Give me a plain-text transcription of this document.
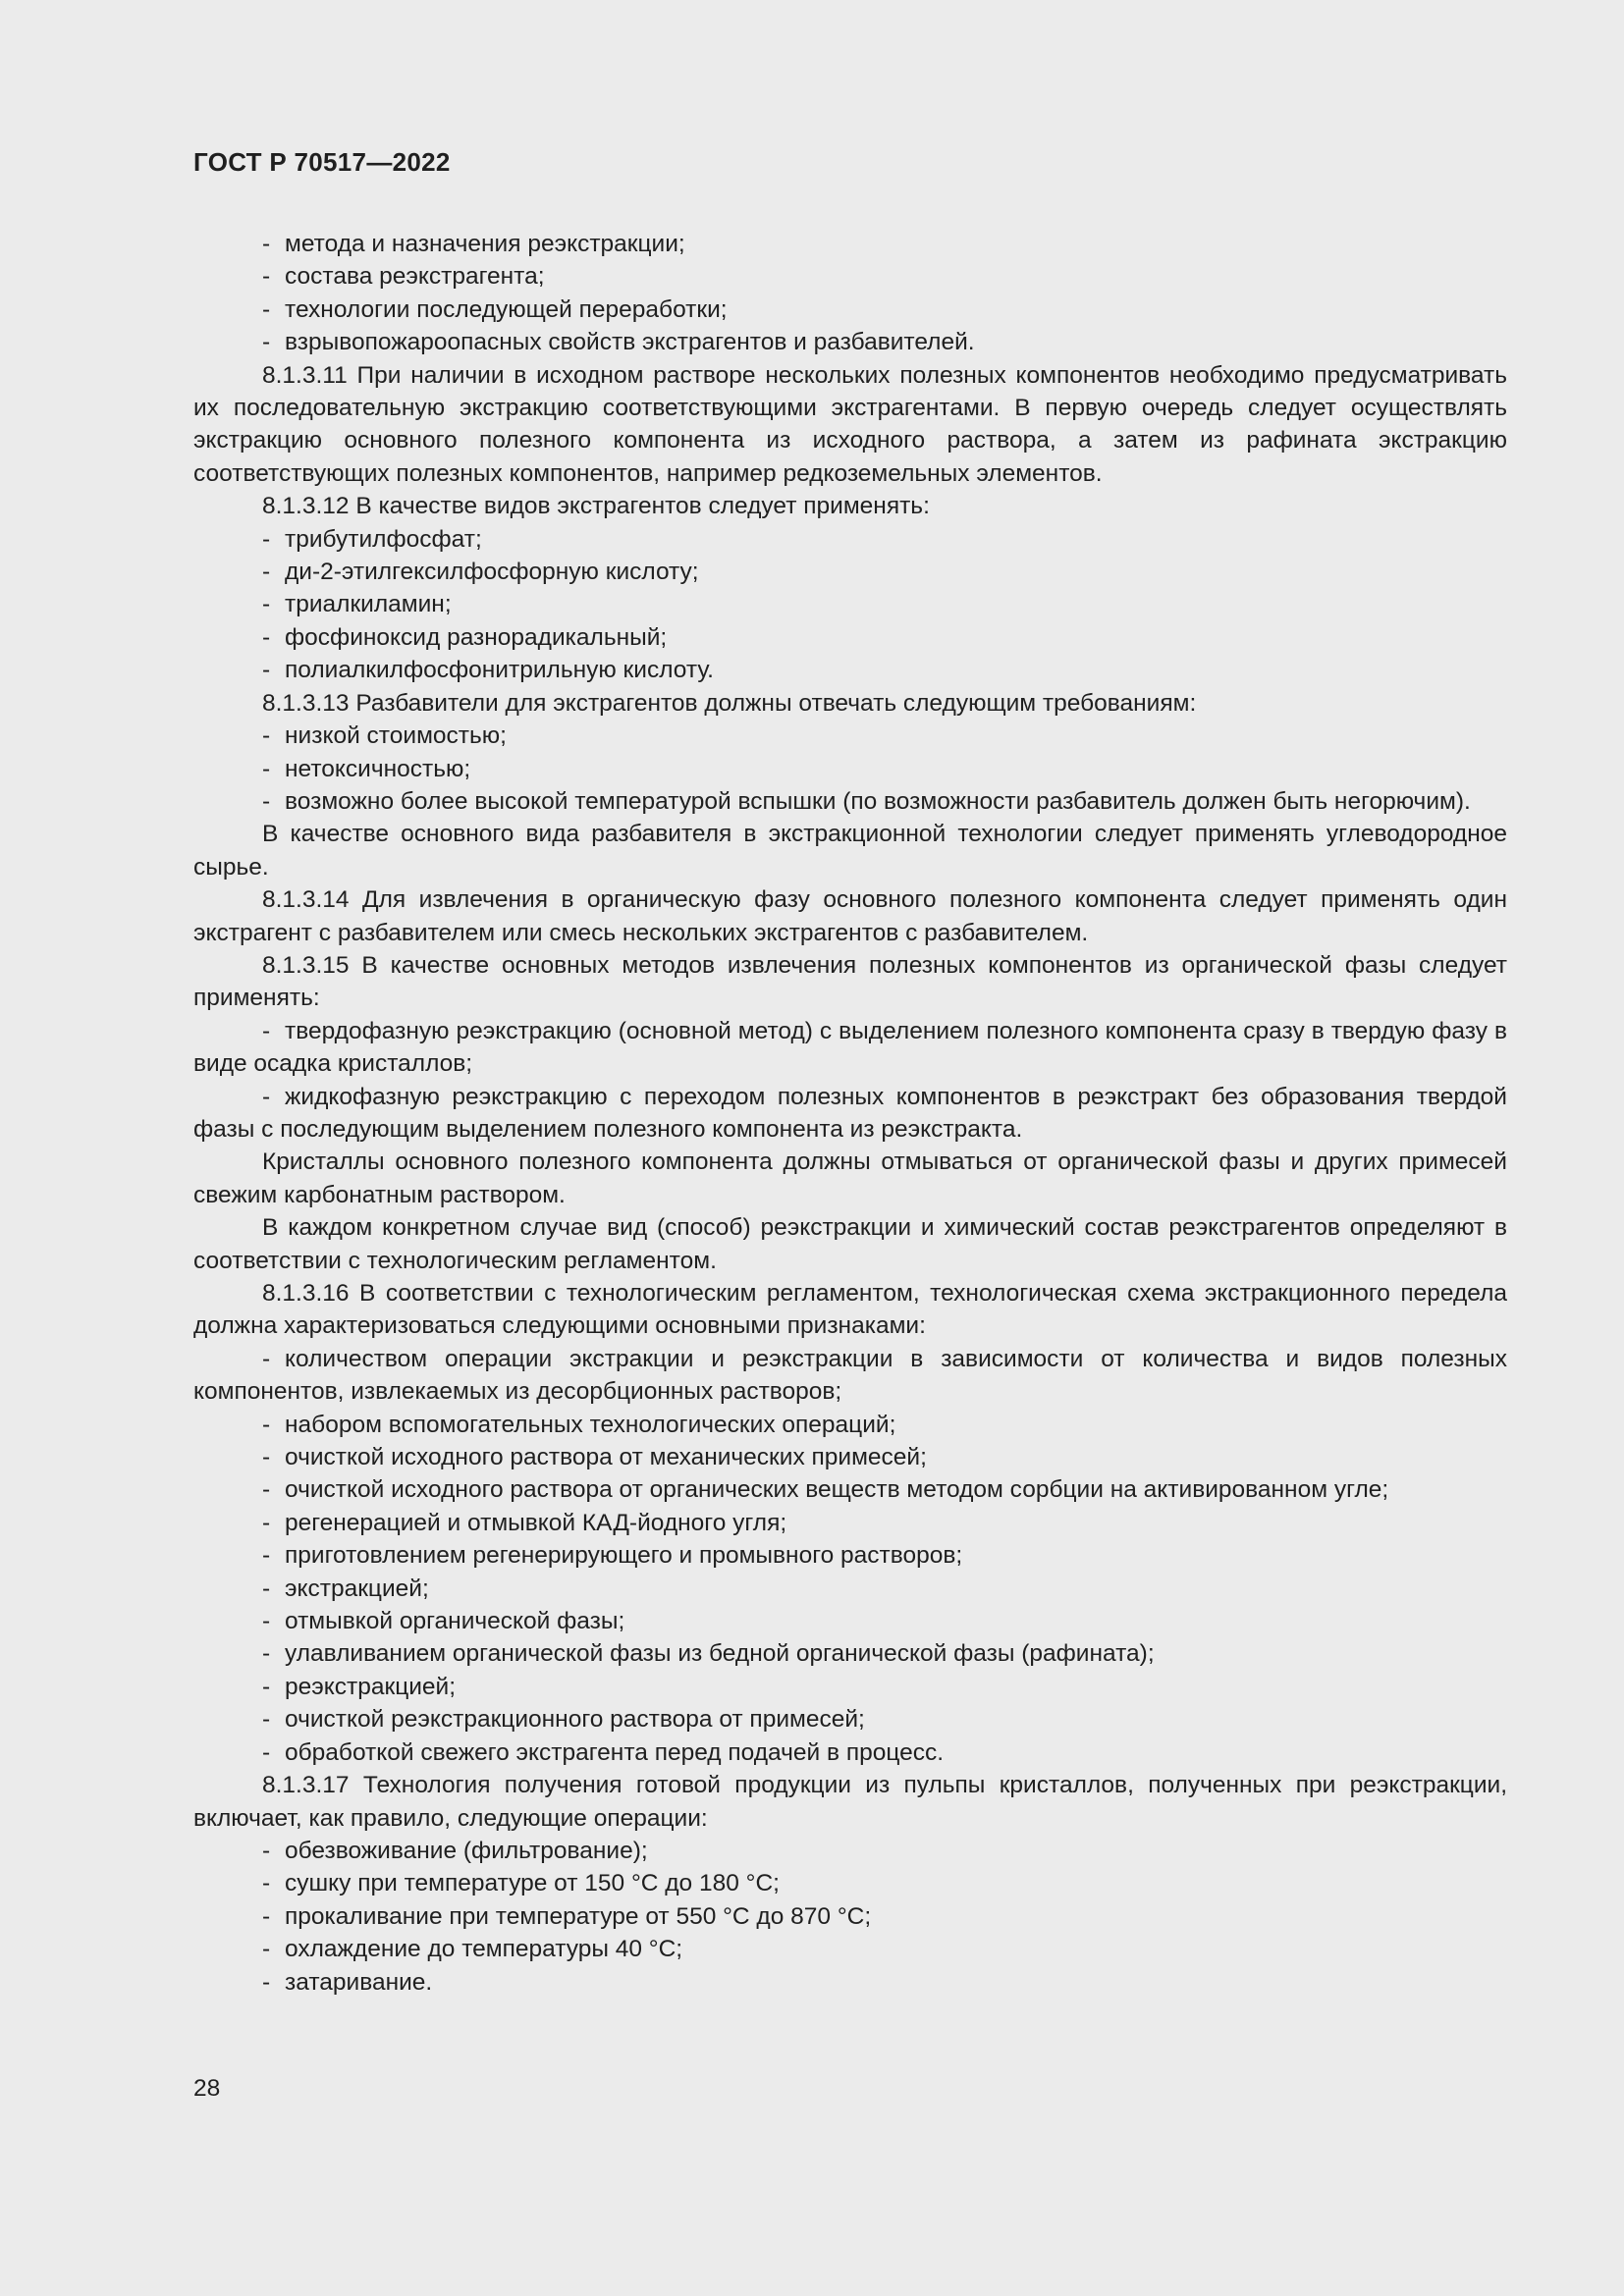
ГОСТ Р 70517—2022
- метода и назначения реэкстракции;
- состава реэкстрагента;
- технологии последующей переработки;
- взрывопожароопасных свойств экстрагентов и разбавителей.
8.1.3.11 При наличии в исходном растворе нескольких полезных компонентов необходимо предусматривать их последовательную экстракцию соответствующими экстрагентами. В первую очередь следует осуществлять экстракцию основного полезного компонента из исходного раствора, а затем из рафината экстракцию соответствующих полезных компонентов, например редкоземельных элементов.
8.1.3.12 В качестве видов экстрагентов следует применять:
- трибутилфосфат;
- ди-2-этилгексилфосфорную кислоту;
- триалкиламин;
- фосфиноксид разнорадикальный;
- полиалкилфосфонитрильную кислоту.
8.1.3.13 Разбавители для экстрагентов должны отвечать следующим требованиям:
- низкой стоимостью;
- нетоксичностью;
- возможно более высокой температурой вспышки (по возможности разбавитель должен быть негорючим).
В качестве основного вида разбавителя в экстракционной технологии следует применять углеводородное сырье.
8.1.3.14 Для извлечения в органическую фазу основного полезного компонента следует применять один экстрагент с разбавителем или смесь нескольких экстрагентов с разбавителем.
8.1.3.15 В качестве основных методов извлечения полезных компонентов из органической фазы следует применять:
- твердофазную реэкстракцию (основной метод) с выделением полезного компонента сразу в твердую фазу в виде осадка кристаллов;
- жидкофазную реэкстракцию с переходом полезных компонентов в реэкстракт без образования твердой фазы с последующим выделением полезного компонента из реэкстракта.
Кристаллы основного полезного компонента должны отмываться от органической фазы и других примесей свежим карбонатным раствором.
В каждом конкретном случае вид (способ) реэкстракции и химический состав реэкстрагентов определяют в соответствии с технологическим регламентом.
8.1.3.16 В соответствии с технологическим регламентом, технологическая схема экстракционного передела должна характеризоваться следующими основными признаками:
- количеством операции экстракции и реэкстракции в зависимости от количества и видов полезных компонентов, извлекаемых из десорбционных растворов;
- набором вспомогательных технологических операций;
- очисткой исходного раствора от механических примесей;
- очисткой исходного раствора от органических веществ методом сорбции на активированном угле;
- регенерацией и отмывкой КАД-йодного угля;
- приготовлением регенерирующего и промывного растворов;
- экстракцией;
- отмывкой органической фазы;
- улавливанием органической фазы из бедной органической фазы (рафината);
- реэкстракцией;
- очисткой реэкстракционного раствора от примесей;
- обработкой свежего экстрагента перед подачей в процесс.
8.1.3.17 Технология получения готовой продукции из пульпы кристаллов, полученных при реэкстракции, включает, как правило, следующие операции:
- обезвоживание (фильтрование);
- сушку при температуре от 150 °С до 180 °С;
- прокаливание при температуре от 550 °С до 870 °С;
- охлаждение до температуры 40 °С;
- затаривание.
28
